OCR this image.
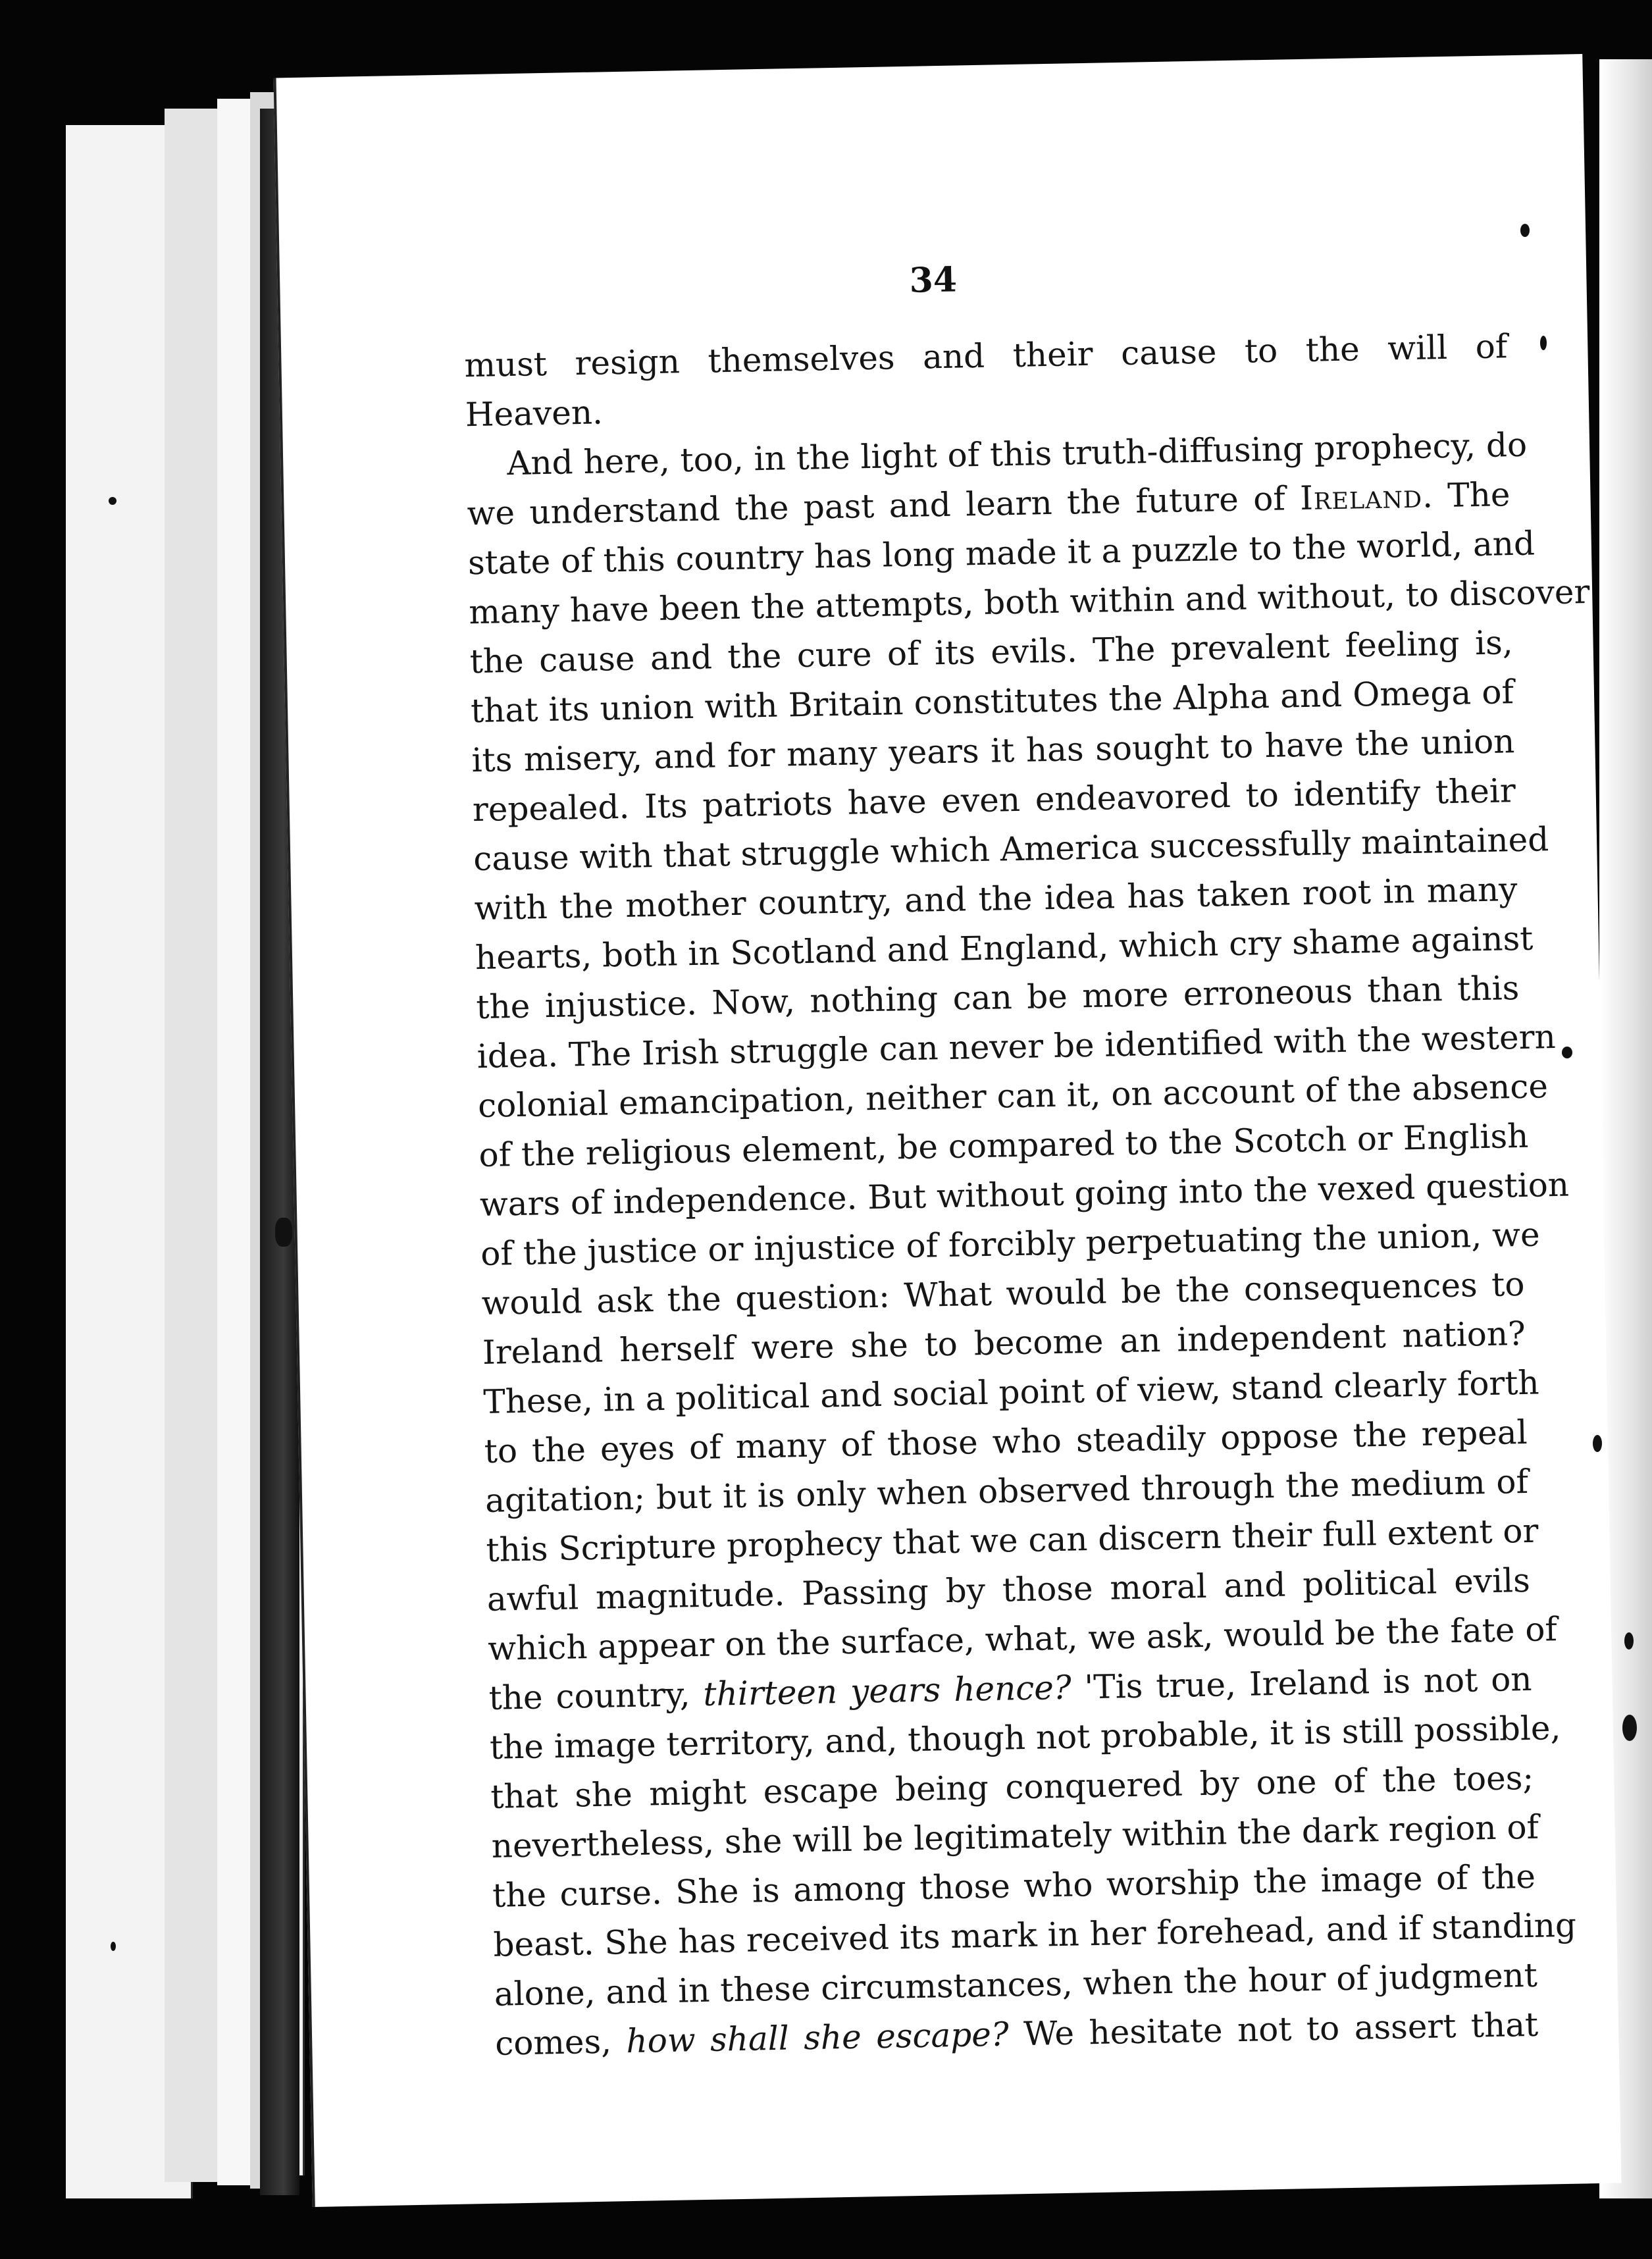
34
must resign themselves and their cause to the will of
Heaven.
And here, too, in the light of this truth-diffusing prophecy, do
we understand the past and learn the future of Ireland. The
state of this country has long made it a puzzle to the world, and
many have been the attempts, both within and without, to discover
the cause and the cure of its evils. The prevalent feeling is,
that its union with Britain constitutes the Alpha and Omega of
its misery, and for many years it has sought to have the union
repealed. Its patriots have even endeavored to identify their
cause with that struggle which America successfully maintained
with the mother country, and the idea has taken root in many
hearts, both in Scotland and England, which cry shame against
the injustice. Now, nothing can be more erroneous than this
idea. The Irish struggle can never be identified with the western
colonial emancipation, neither can it, on account of the absence
of the religious element, be compared to the Scotch or English
wars of independence. But without going into the vexed question
of the justice or injustice of forcibly perpetuating the union, we
would ask the question: What would be the consequences to
Ireland herself were she to become an independent nation?
These, in a political and social point of view, stand clearly forth
to the eyes of many of those who steadily oppose the repeal
agitation; but it is only when observed through the medium of
this Scripture prophecy that we can discern their full extent or
awful magnitude. Passing by those moral and political evils
which appear on the surface, what, we ask, would be the fate of
the country, thirteen years hence? 'Tis true, Ireland is not on
the image territory, and, though not probable, it is still possible,
that she might escape being conquered by one of the toes;
nevertheless, she will be legitimately within the dark region of
the curse. She is among those who worship the image of the
beast. She has received its mark in her forehead, and if standing
alone, and in these circumstances, when the hour of judgment
comes, how shall she escape? We hesitate not to assert that
